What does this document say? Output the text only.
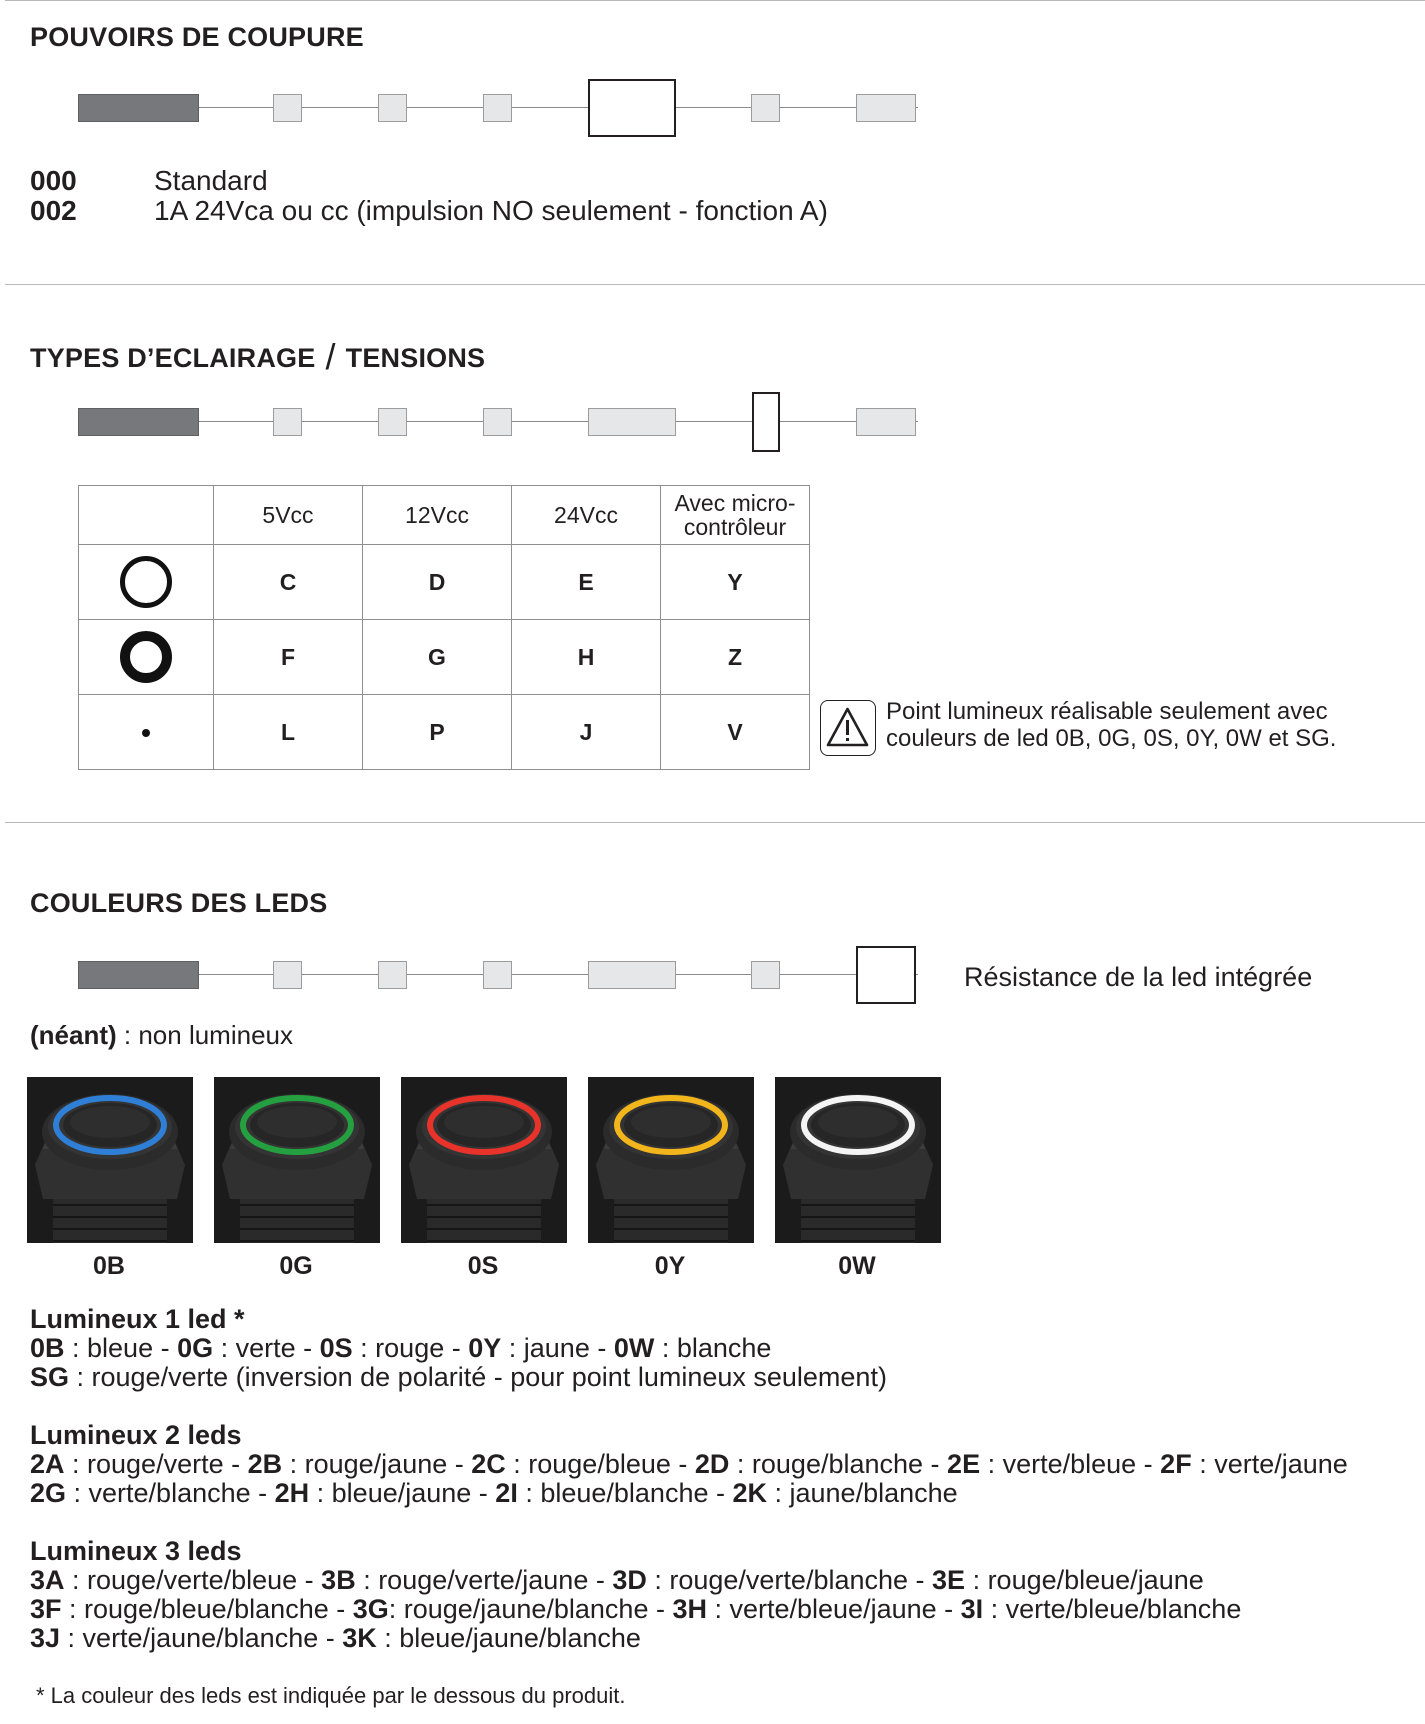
POUVOIRS DE COUPURE
000	Standard
002	1A 24Vca ou cc (impulsion NO seulement - fonction A)
TYPES D’ECLAIRAGE / TENSIONS
	5Vcc	12Vcc	24Vcc	Avec micro-
contrôleur
	C	D	E	Y
	F	G	H	Z
	L	P	J	V
Point lumineux réalisable seulement avec couleurs de led 0B, 0G, 0S, 0Y, 0W et SG.
COULEURS DES LEDS
Résistance de la led intégrée
(néant) : non lumineux
0B	0G	0S	0Y	0W
Lumineux 1 led *
0B : bleue - 0G : verte - 0S : rouge - 0Y : jaune - 0W : blanche
SG : rouge/verte (inversion de polarité - pour point lumineux seulement)
Lumineux 2 leds
2A : rouge/verte - 2B : rouge/jaune - 2C : rouge/bleue - 2D : rouge/blanche - 2E : verte/bleue - 2F : verte/jaune
2G : verte/blanche - 2H : bleue/jaune - 2I : bleue/blanche - 2K : jaune/blanche
Lumineux 3 leds
3A : rouge/verte/bleue - 3B : rouge/verte/jaune - 3D : rouge/verte/blanche - 3E : rouge/bleue/jaune
3F : rouge/bleue/blanche - 3G: rouge/jaune/blanche - 3H : verte/bleue/jaune - 3I : verte/bleue/blanche
3J : verte/jaune/blanche - 3K : bleue/jaune/blanche
* La couleur des leds est indiquée par le dessous du produit.
